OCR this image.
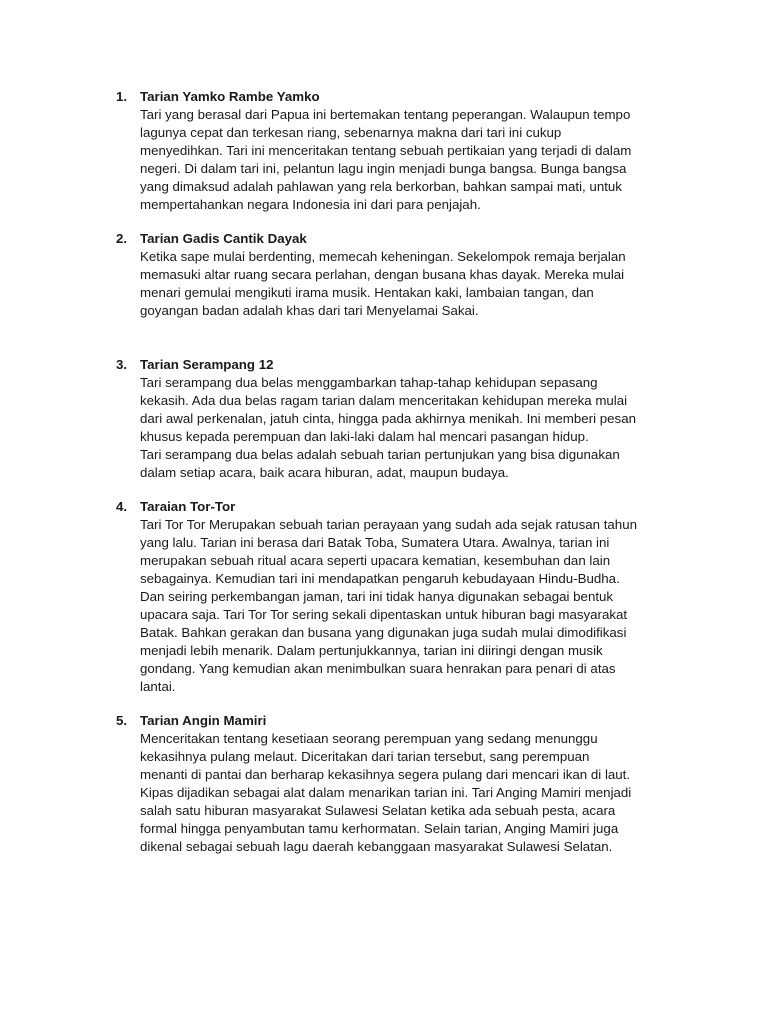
1. Tarian Yamko Rambe Yamko
Tari yang berasal dari Papua ini bertemakan tentang peperangan. Walaupun tempo
lagunya cepat dan terkesan riang, sebenarnya makna dari tari ini cukup
menyedihkan. Tari ini menceritakan tentang sebuah pertikaian yang terjadi di dalam
negeri. Di dalam tari ini, pelantun lagu ingin menjadi bunga bangsa. Bunga bangsa
yang dimaksud adalah pahlawan yang rela berkorban, bahkan sampai mati, untuk
mempertahankan negara Indonesia ini dari para penjajah.
2. Tarian Gadis Cantik Dayak
Ketika sape mulai berdenting, memecah keheningan. Sekelompok remaja berjalan
memasuki altar ruang secara perlahan, dengan busana khas dayak. Mereka mulai
menari gemulai mengikuti irama musik. Hentakan kaki, lambaian tangan, dan
goyangan badan adalah khas dari tari Menyelamai Sakai.
3. Tarian Serampang 12
Tari serampang dua belas menggambarkan tahap-tahap kehidupan sepasang
kekasih. Ada dua belas ragam tarian dalam menceritakan kehidupan mereka mulai
dari awal perkenalan, jatuh cinta, hingga pada akhirnya menikah. Ini memberi pesan
khusus kepada perempuan dan laki-laki dalam hal mencari pasangan hidup.
Tari serampang dua belas adalah sebuah tarian pertunjukan yang bisa digunakan
dalam setiap acara, baik acara hiburan, adat, maupun budaya.
4. Taraian Tor-Tor
Tari Tor Tor Merupakan sebuah tarian perayaan yang sudah ada sejak ratusan tahun
yang lalu. Tarian ini berasa dari Batak Toba, Sumatera Utara. Awalnya, tarian ini
merupakan sebuah ritual acara seperti upacara kematian, kesembuhan dan lain
sebagainya. Kemudian tari ini mendapatkan pengaruh kebudayaan Hindu-Budha.
Dan seiring perkembangan jaman, tari ini tidak hanya digunakan sebagai bentuk
upacara saja. Tari Tor Tor sering sekali dipentaskan untuk hiburan bagi masyarakat
Batak. Bahkan gerakan dan busana yang digunakan juga sudah mulai dimodifikasi
menjadi lebih menarik. Dalam pertunjukkannya, tarian ini diiringi dengan musik
gondang. Yang kemudian akan menimbulkan suara henrakan para penari di atas
lantai.
5. Tarian Angin Mamiri
Menceritakan tentang kesetiaan seorang perempuan yang sedang menunggu
kekasihnya pulang melaut. Diceritakan dari tarian tersebut, sang perempuan
menanti di pantai dan berharap kekasihnya segera pulang dari mencari ikan di laut.
Kipas dijadikan sebagai alat dalam menarikan tarian ini. Tari Anging Mamiri menjadi
salah satu hiburan masyarakat Sulawesi Selatan ketika ada sebuah pesta, acara
formal hingga penyambutan tamu kerhormatan. Selain tarian, Anging Mamiri juga
dikenal sebagai sebuah lagu daerah kebanggaan masyarakat Sulawesi Selatan.
